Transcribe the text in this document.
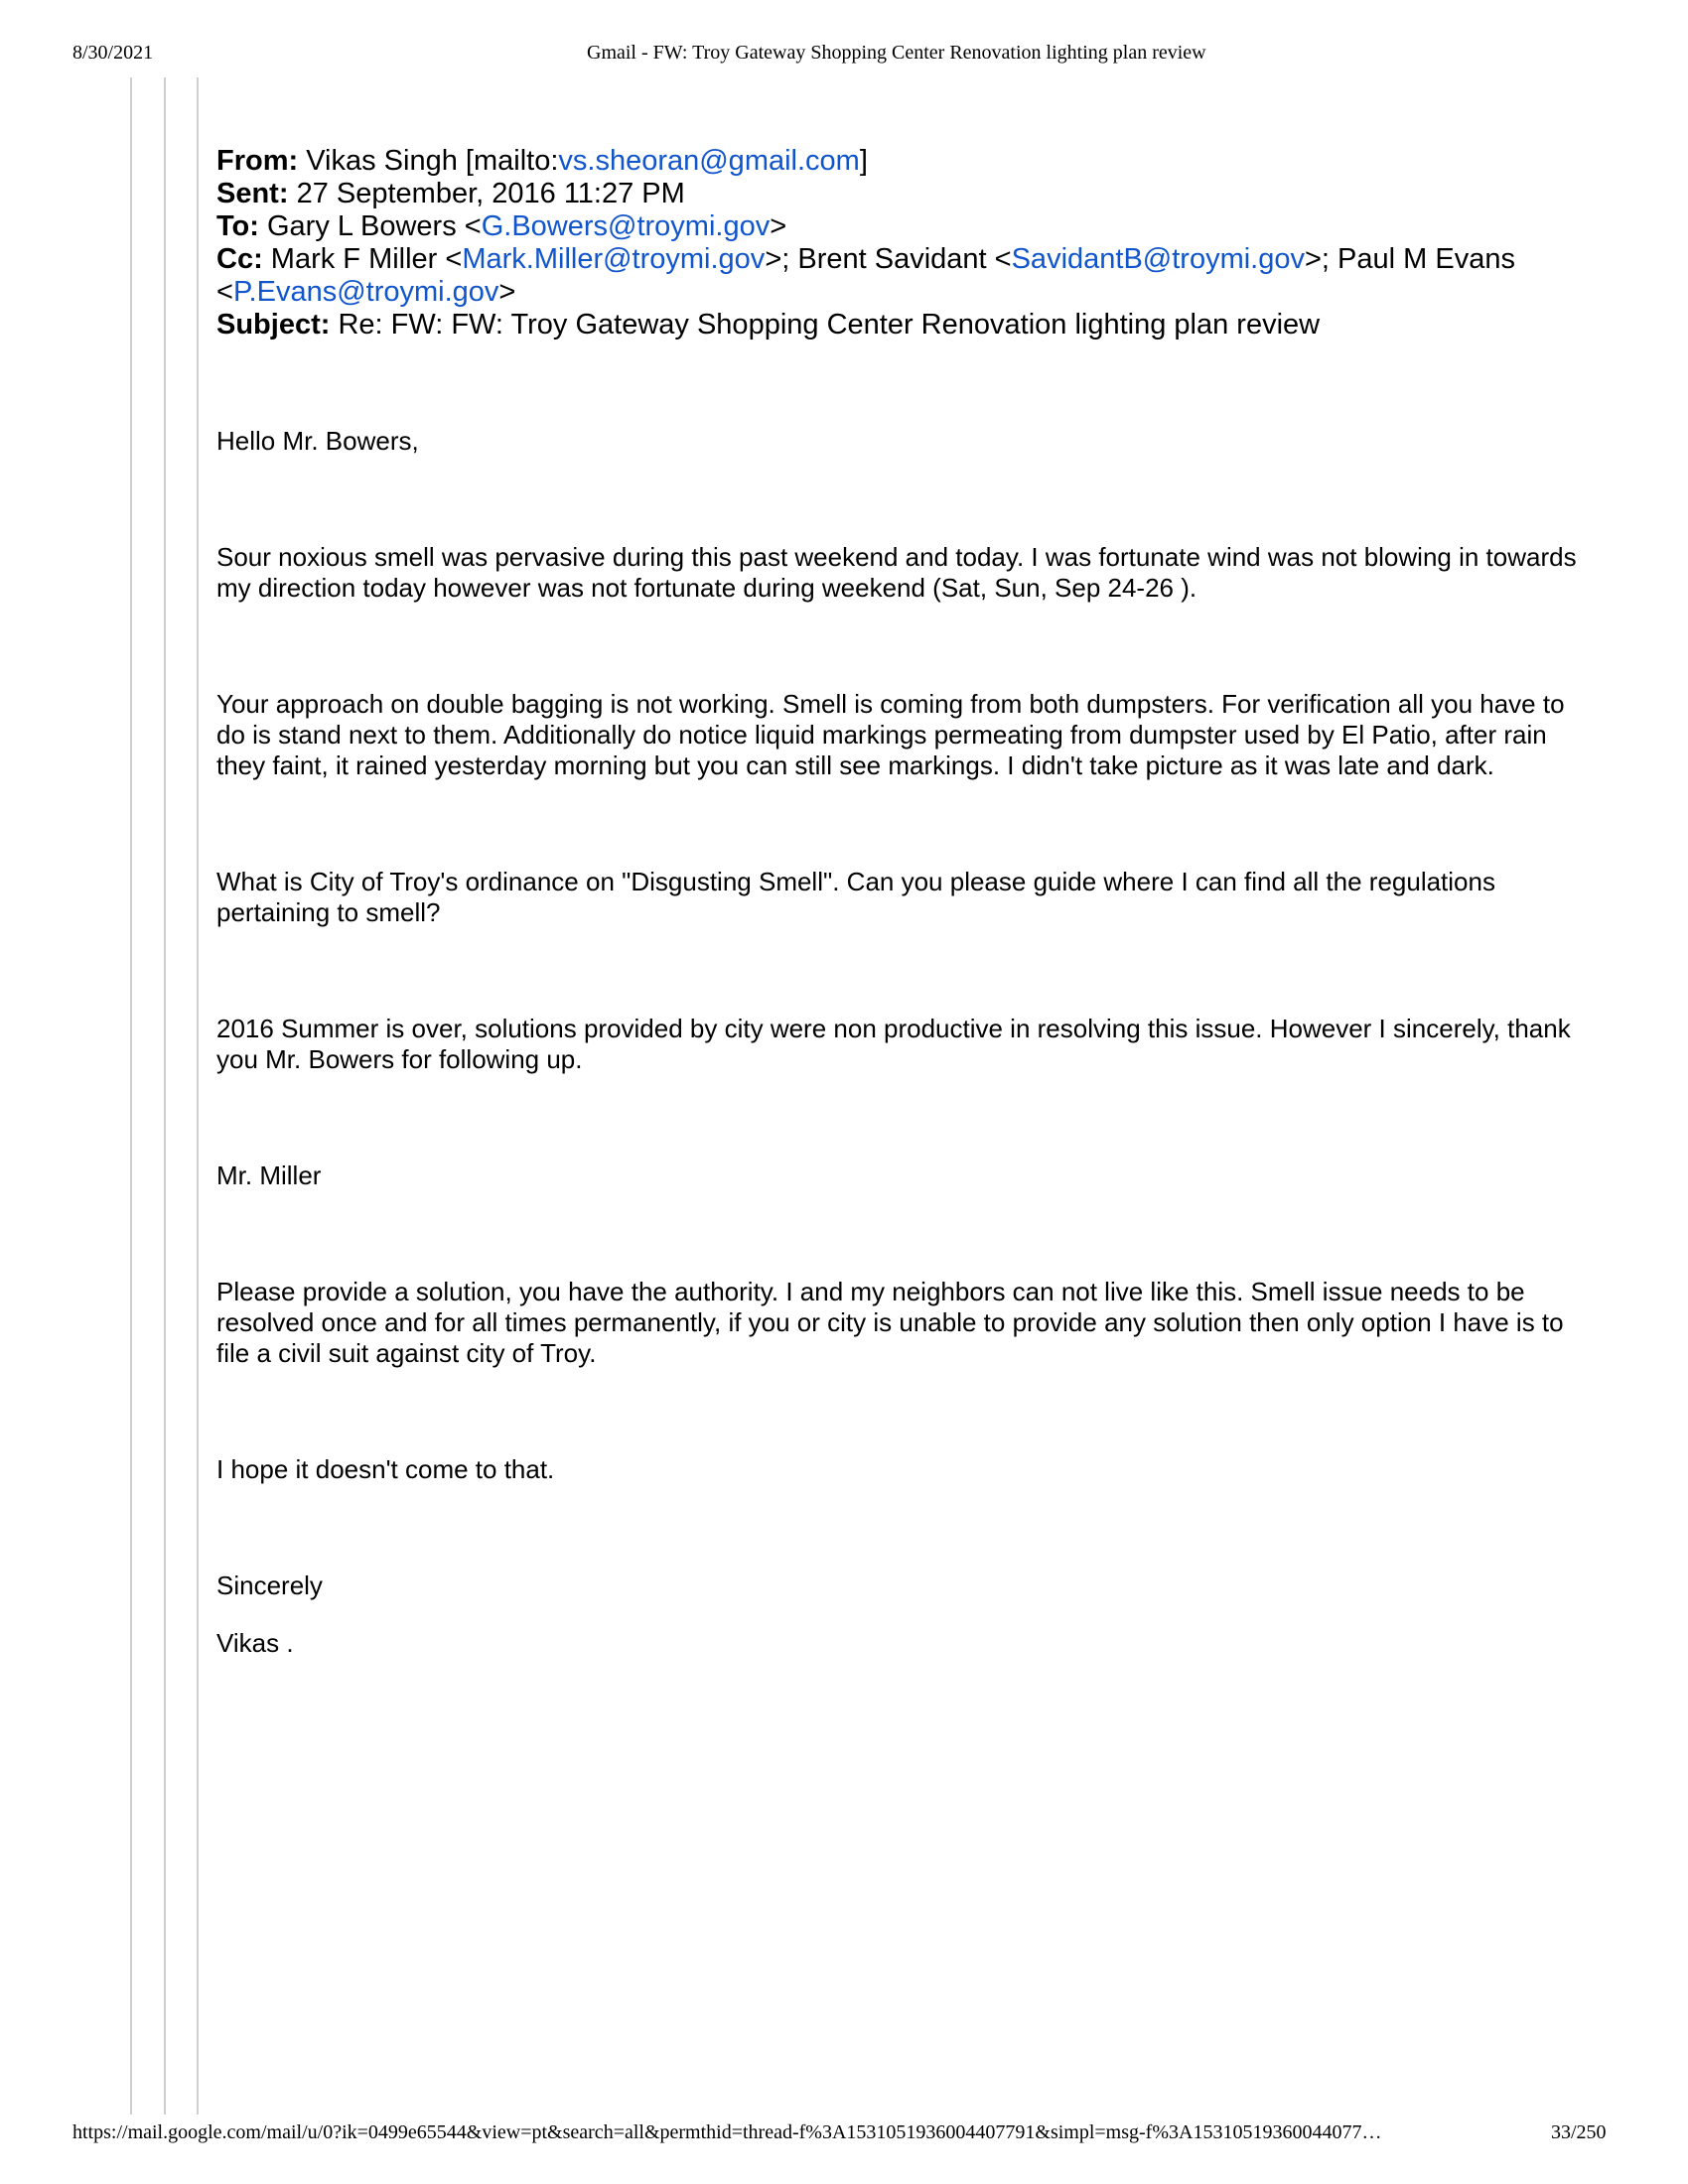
8/30/2021	Gmail - FW: Troy Gateway Shopping Center Renovation lighting plan review
From: Vikas Singh [mailto:vs.sheoran@gmail.com]
Sent: 27 September, 2016 11:27 PM
To: Gary L Bowers <G.Bowers@troymi.gov>
Cc: Mark F Miller <Mark.Miller@troymi.gov>; Brent Savidant <SavidantB@troymi.gov>; Paul M Evans <P.Evans@troymi.gov>
Subject: Re: FW: FW: Troy Gateway Shopping Center Renovation lighting plan review

Hello Mr. Bowers,

Sour noxious smell was pervasive during this past weekend and today. I was fortunate wind was not blowing in towards my direction today however was not fortunate during weekend (Sat, Sun, Sep 24-26 ).

Your approach on double bagging is not working. Smell is coming from both dumpsters. For verification all you have to do is stand next to them. Additionally do notice liquid markings permeating from dumpster used by El Patio, after rain they faint, it rained yesterday morning but you can still see markings. I didn't take picture as it was late and dark.

What is City of Troy's ordinance on "Disgusting Smell". Can you please guide where I can find all the regulations pertaining to smell?

2016 Summer is over, solutions provided by city were non productive in resolving this issue. However I sincerely, thank you Mr. Bowers for following up.

Mr. Miller

Please provide a solution, you have the authority. I and my neighbors can not live like this. Smell issue needs to be resolved once and for all times permanently, if you or city is unable to provide any solution then only option I have is to file a civil suit against city of Troy.

I hope it doesn't come to that.

Sincerely

Vikas .

https://mail.google.com/mail/u/0?ik=0499e65544&view=pt&search=all&permthid=thread-f%3A1531051936004407791&simpl=msg-f%3A15310519360044077…	33/250
